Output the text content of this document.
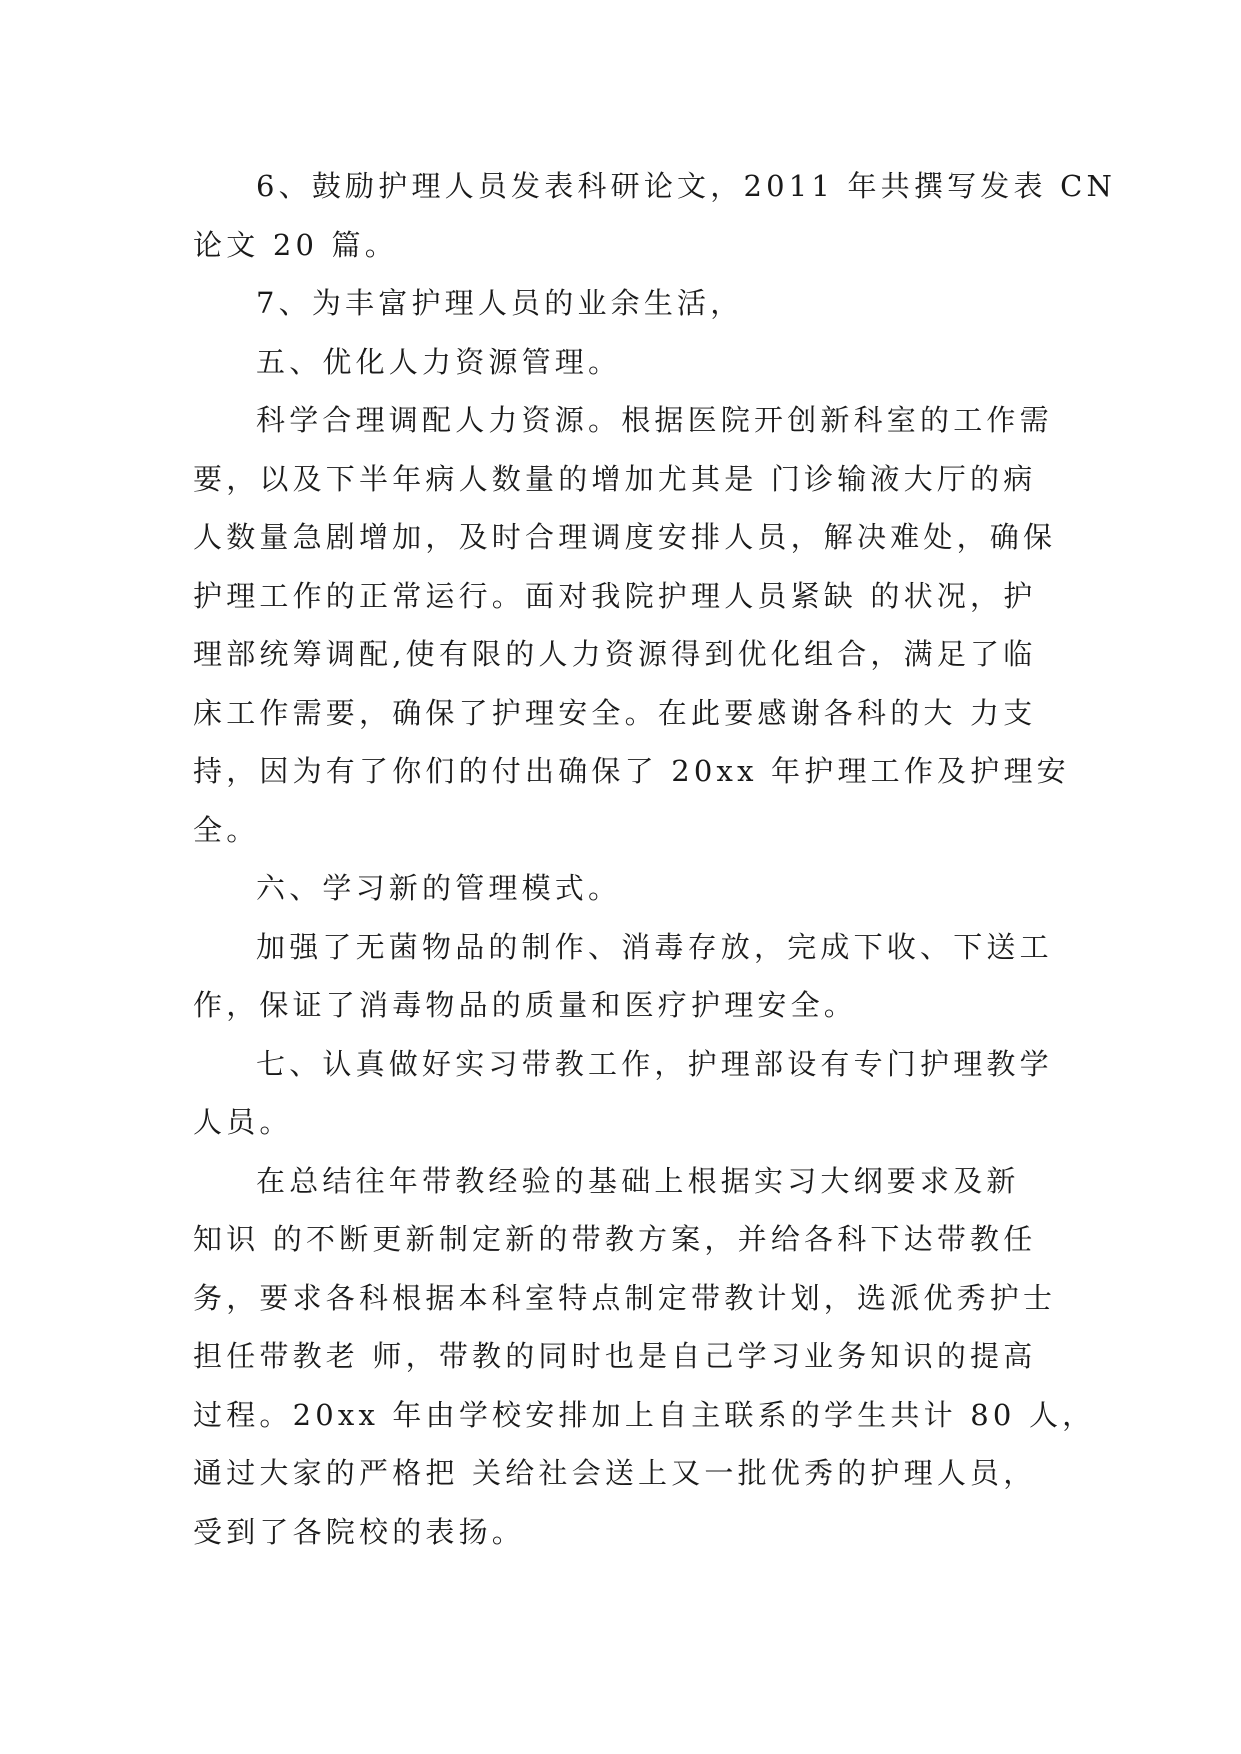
6、鼓励护理人员发表科研论文，2011 年共撰写发表 CN
论文 20 篇。
7、为丰富护理人员的业余生活，
五、优化人力资源管理。
科学合理调配人力资源。根据医院开创新科室的工作需
要，以及下半年病人数量的增加尤其是 门诊输液大厅的病
人数量急剧增加，及时合理调度安排人员，解决难处，确保
护理工作的正常运行。面对我院护理人员紧缺 的状况，护
理部统筹调配,使有限的人力资源得到优化组合，满足了临
床工作需要，确保了护理安全。在此要感谢各科的大 力支
持，因为有了你们的付出确保了 20xx 年护理工作及护理安
全。
六、学习新的管理模式。
加强了无菌物品的制作、消毒存放，完成下收、下送工
作，保证了消毒物品的质量和医疗护理安全。
七、认真做好实习带教工作，护理部设有专门护理教学
人员。
在总结往年带教经验的基础上根据实习大纲要求及新
知识 的不断更新制定新的带教方案，并给各科下达带教任
务，要求各科根据本科室特点制定带教计划，选派优秀护士
担任带教老 师，带教的同时也是自己学习业务知识的提高
过程。20xx 年由学校安排加上自主联系的学生共计 80 人，
通过大家的严格把 关给社会送上又一批优秀的护理人员，
受到了各院校的表扬。
